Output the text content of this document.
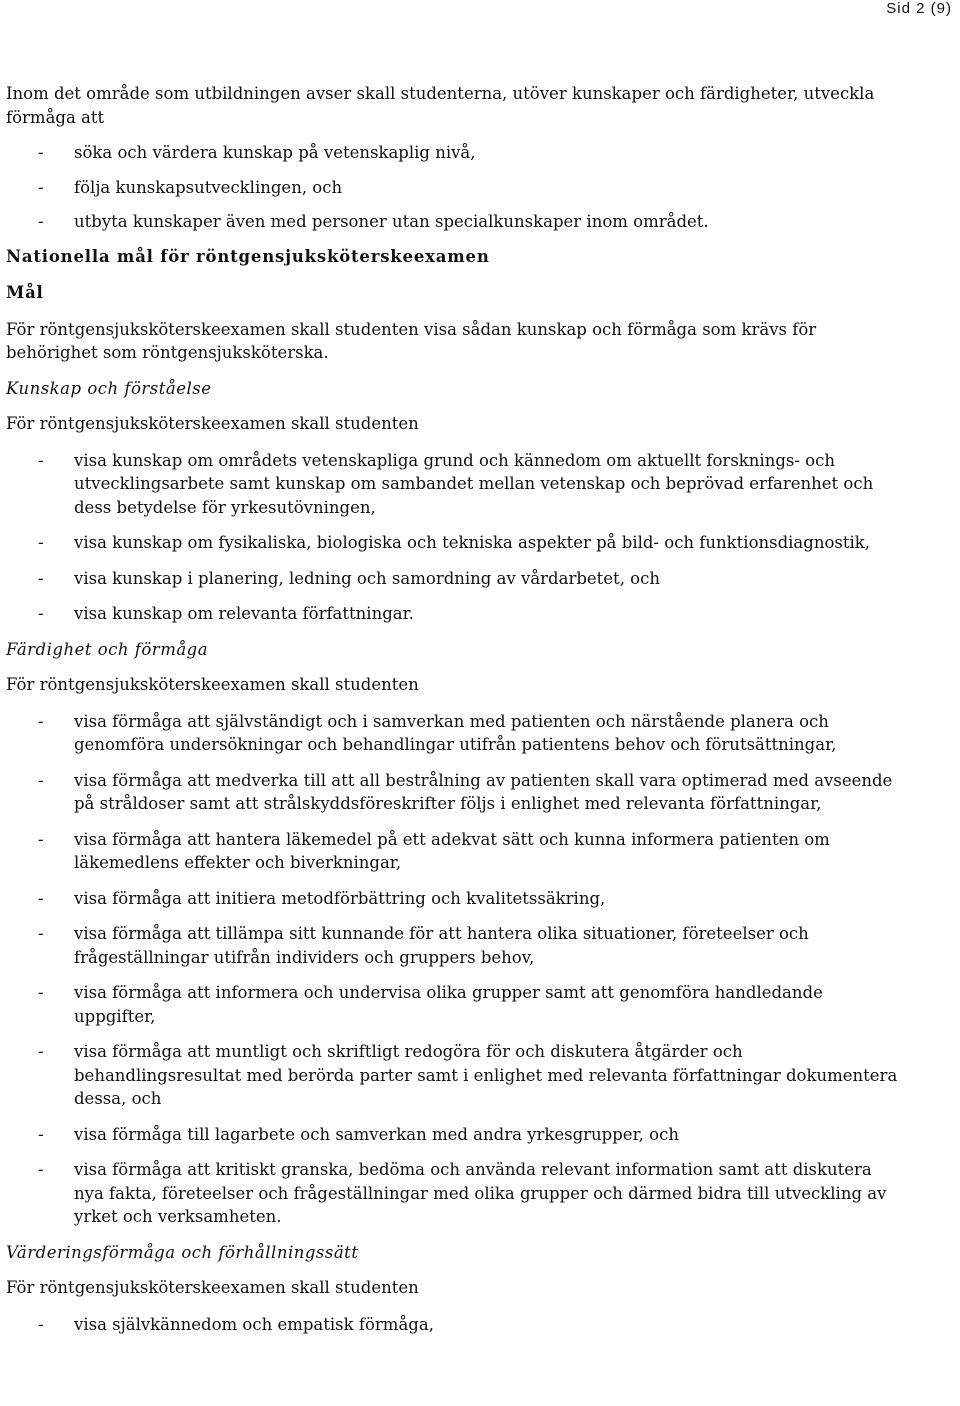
Sid 2 (9)

Inom det område som utbildningen avser skall studenterna, utöver kunskaper och färdigheter, utveckla förmåga att

- söka och värdera kunskap på vetenskaplig nivå,
- följa kunskapsutvecklingen, och
- utbyta kunskaper även med personer utan specialkunskaper inom området.

Nationella mål för röntgensjuksköterskeexamen

Mål

För röntgensjuksköterskeexamen skall studenten visa sådan kunskap och förmåga som krävs för behörighet som röntgensjuksköterska.

Kunskap och förståelse

För röntgensjuksköterskeexamen skall studenten

- visa kunskap om områdets vetenskapliga grund och kännedom om aktuellt forsknings- och utvecklingsarbete samt kunskap om sambandet mellan vetenskap och beprövad erfarenhet och dess betydelse för yrkesutövningen,
- visa kunskap om fysikaliska, biologiska och tekniska aspekter på bild- och funktionsdiagnostik,
- visa kunskap i planering, ledning och samordning av vårdarbetet, och
- visa kunskap om relevanta författningar.

Färdighet och förmåga

För röntgensjuksköterskeexamen skall studenten

- visa förmåga att självständigt och i samverkan med patienten och närstående planera och genomföra undersökningar och behandlingar utifrån patientens behov och förutsättningar,
- visa förmåga att medverka till att all bestrålning av patienten skall vara optimerad med avseende på stråldoser samt att strålskyddsföreskrifter följs i enlighet med relevanta författningar,
- visa förmåga att hantera läkemedel på ett adekvat sätt och kunna informera patienten om läkemedlens effekter och biverkningar,
- visa förmåga att initiera metodförbättring och kvalitetssäkring,
- visa förmåga att tillämpa sitt kunnande för att hantera olika situationer, företeelser och frågeställningar utifrån individers och gruppers behov,
- visa förmåga att informera och undervisa olika grupper samt att genomföra handledande uppgifter,
- visa förmåga att muntligt och skriftligt redogöra för och diskutera åtgärder och behandlingsresultat med berörda parter samt i enlighet med relevanta författningar dokumentera dessa, och
- visa förmåga till lagarbete och samverkan med andra yrkesgrupper, och
- visa förmåga att kritiskt granska, bedöma och använda relevant information samt att diskutera nya fakta, företeelser och frågeställningar med olika grupper och därmed bidra till utveckling av yrket och verksamheten.

Värderingsförmåga och förhållningssätt

För röntgensjuksköterskeexamen skall studenten

- visa självkännedom och empatisk förmåga,
